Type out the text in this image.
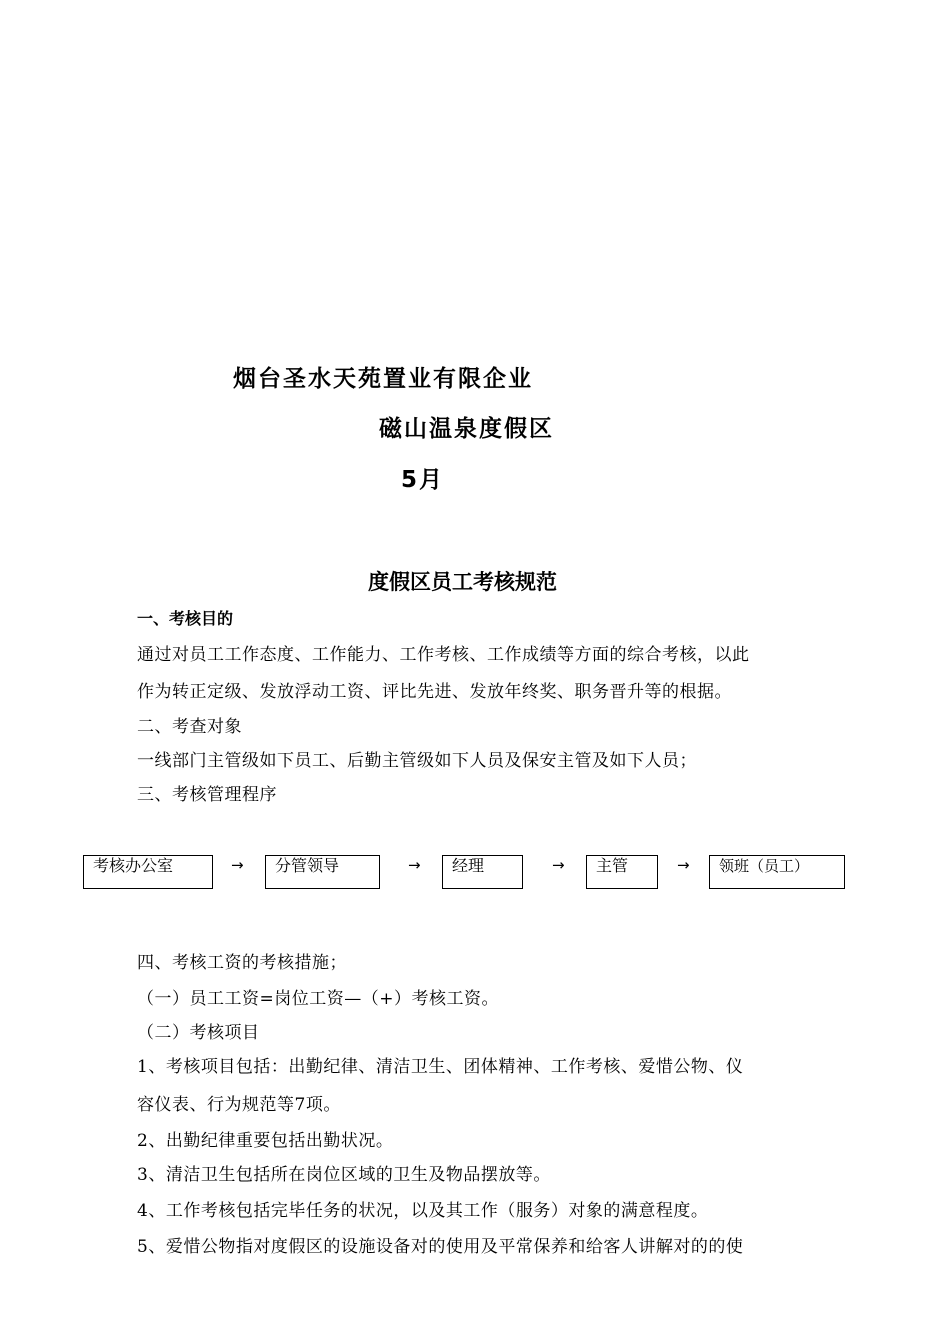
烟台圣水天苑置业有限企业
磁山温泉度假区
5月
度假区员工考核规范
一、考核目的
通过对员工工作态度、工作能力、工作考核、工作成绩等方面的综合考核，以此
作为转正定级、发放浮动工资、评比先进、发放年终奖、职务晋升等的根据。
二、考查对象
一线部门主管级如下员工、后勤主管级如下人员及保安主管及如下人员；
三、考核管理程序
考核办公室	→	分管领导	→	经理	→	主管	→	领班（员工）
四、考核工资的考核措施；
（一）员工工资=岗位工资—（+）考核工资。
（二）考核项目
1、考核项目包括：出勤纪律、清洁卫生、团体精神、工作考核、爱惜公物、仪
容仪表、行为规范等7项。
2、出勤纪律重要包括出勤状况。
3、清洁卫生包括所在岗位区域的卫生及物品摆放等。
4、工作考核包括完毕任务的状况，以及其工作（服务）对象的满意程度。
5、爱惜公物指对度假区的设施设备对的使用及平常保养和给客人讲解对的的使
